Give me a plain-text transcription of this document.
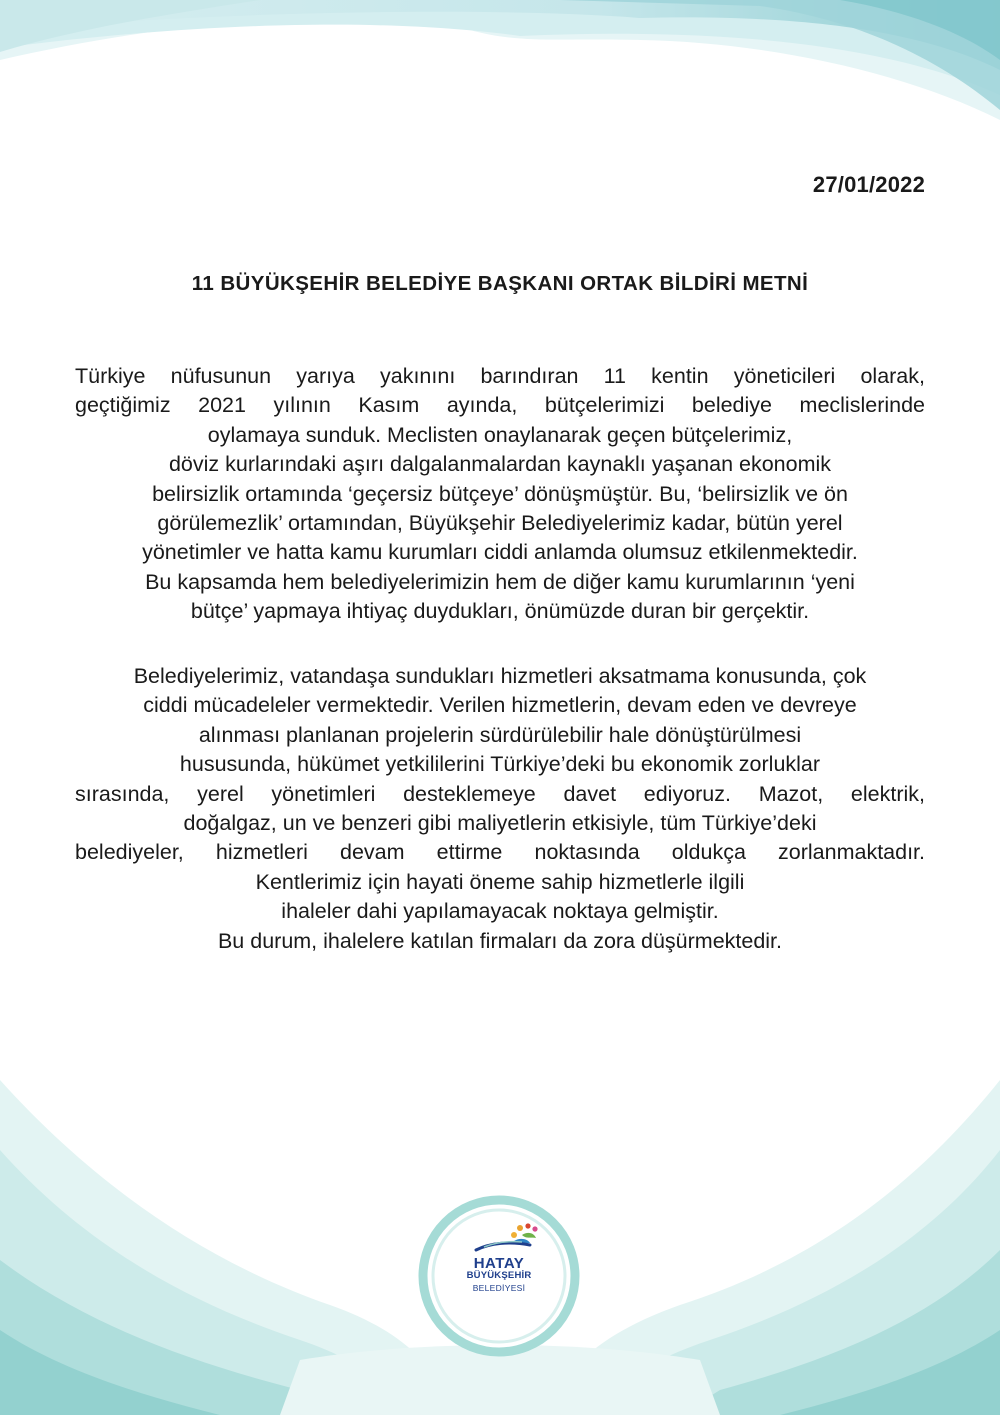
27/01/2022
11 BÜYÜKŞEHİR BELEDİYE BAŞKANI ORTAK BİLDİRİ METNİ
Türkiye nüfusunun yarıya yakınını barındıran 11 kentin yöneticileri olarak,
geçtiğimiz 2021 yılının Kasım ayında, bütçelerimizi belediye meclislerinde
oylamaya sunduk. Meclisten onaylanarak geçen bütçelerimiz,
döviz kurlarındaki aşırı dalgalanmalardan kaynaklı yaşanan ekonomik
belirsizlik ortamında ‘geçersiz bütçeye’ dönüşmüştür. Bu, ‘belirsizlik ve ön
görülemezlik’ ortamından, Büyükşehir Belediyelerimiz kadar, bütün yerel
yönetimler ve hatta kamu kurumları ciddi anlamda olumsuz etkilenmektedir.
Bu kapsamda hem belediyelerimizin hem de diğer kamu kurumlarının ‘yeni
bütçe’ yapmaya ihtiyaç duydukları, önümüzde duran bir gerçektir.
Belediyelerimiz, vatandaşa sundukları hizmetleri aksatmama konusunda, çok
ciddi mücadeleler vermektedir. Verilen hizmetlerin, devam eden ve devreye
alınması planlanan projelerin sürdürülebilir hale dönüştürülmesi
hususunda, hükümet yetkililerini Türkiye’deki bu ekonomik zorluklar
sırasında, yerel yönetimleri desteklemeye davet ediyoruz. Mazot, elektrik,
doğalgaz, un ve benzeri gibi maliyetlerin etkisiyle, tüm Türkiye’deki
belediyeler, hizmetleri devam ettirme noktasında oldukça zorlanmaktadır.
Kentlerimiz için hayati öneme sahip hizmetlerle ilgili
ihaleler dahi yapılamayacak noktaya gelmiştir.
Bu durum, ihalelere katılan firmaları da zora düşürmektedir.
HATAY
BÜYÜKŞEHİR
BELEDİYESİ
